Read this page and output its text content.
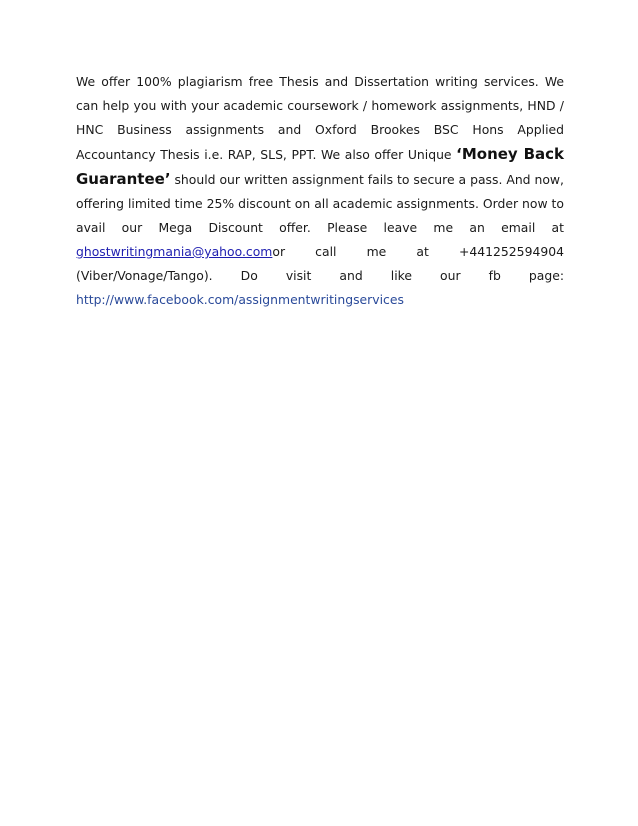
We offer 100% plagiarism free Thesis and Dissertation writing services. We can help you with your academic coursework / homework assignments, HND / HNC Business assignments and Oxford Brookes BSC Hons Applied Accountancy Thesis i.e. RAP, SLS, PPT. We also offer Unique ‘Money Back Guarantee’ should our written assignment fails to secure a pass. And now, offering limited time 25% discount on all academic assignments. Order now to avail our Mega Discount offer. Please leave me an email at ghostwritingmania@yahoo.comor call me at +441252594904 (Viber/Vonage/Tango). Do visit and like our fb page: http://www.facebook.com/assignmentwritingservices
